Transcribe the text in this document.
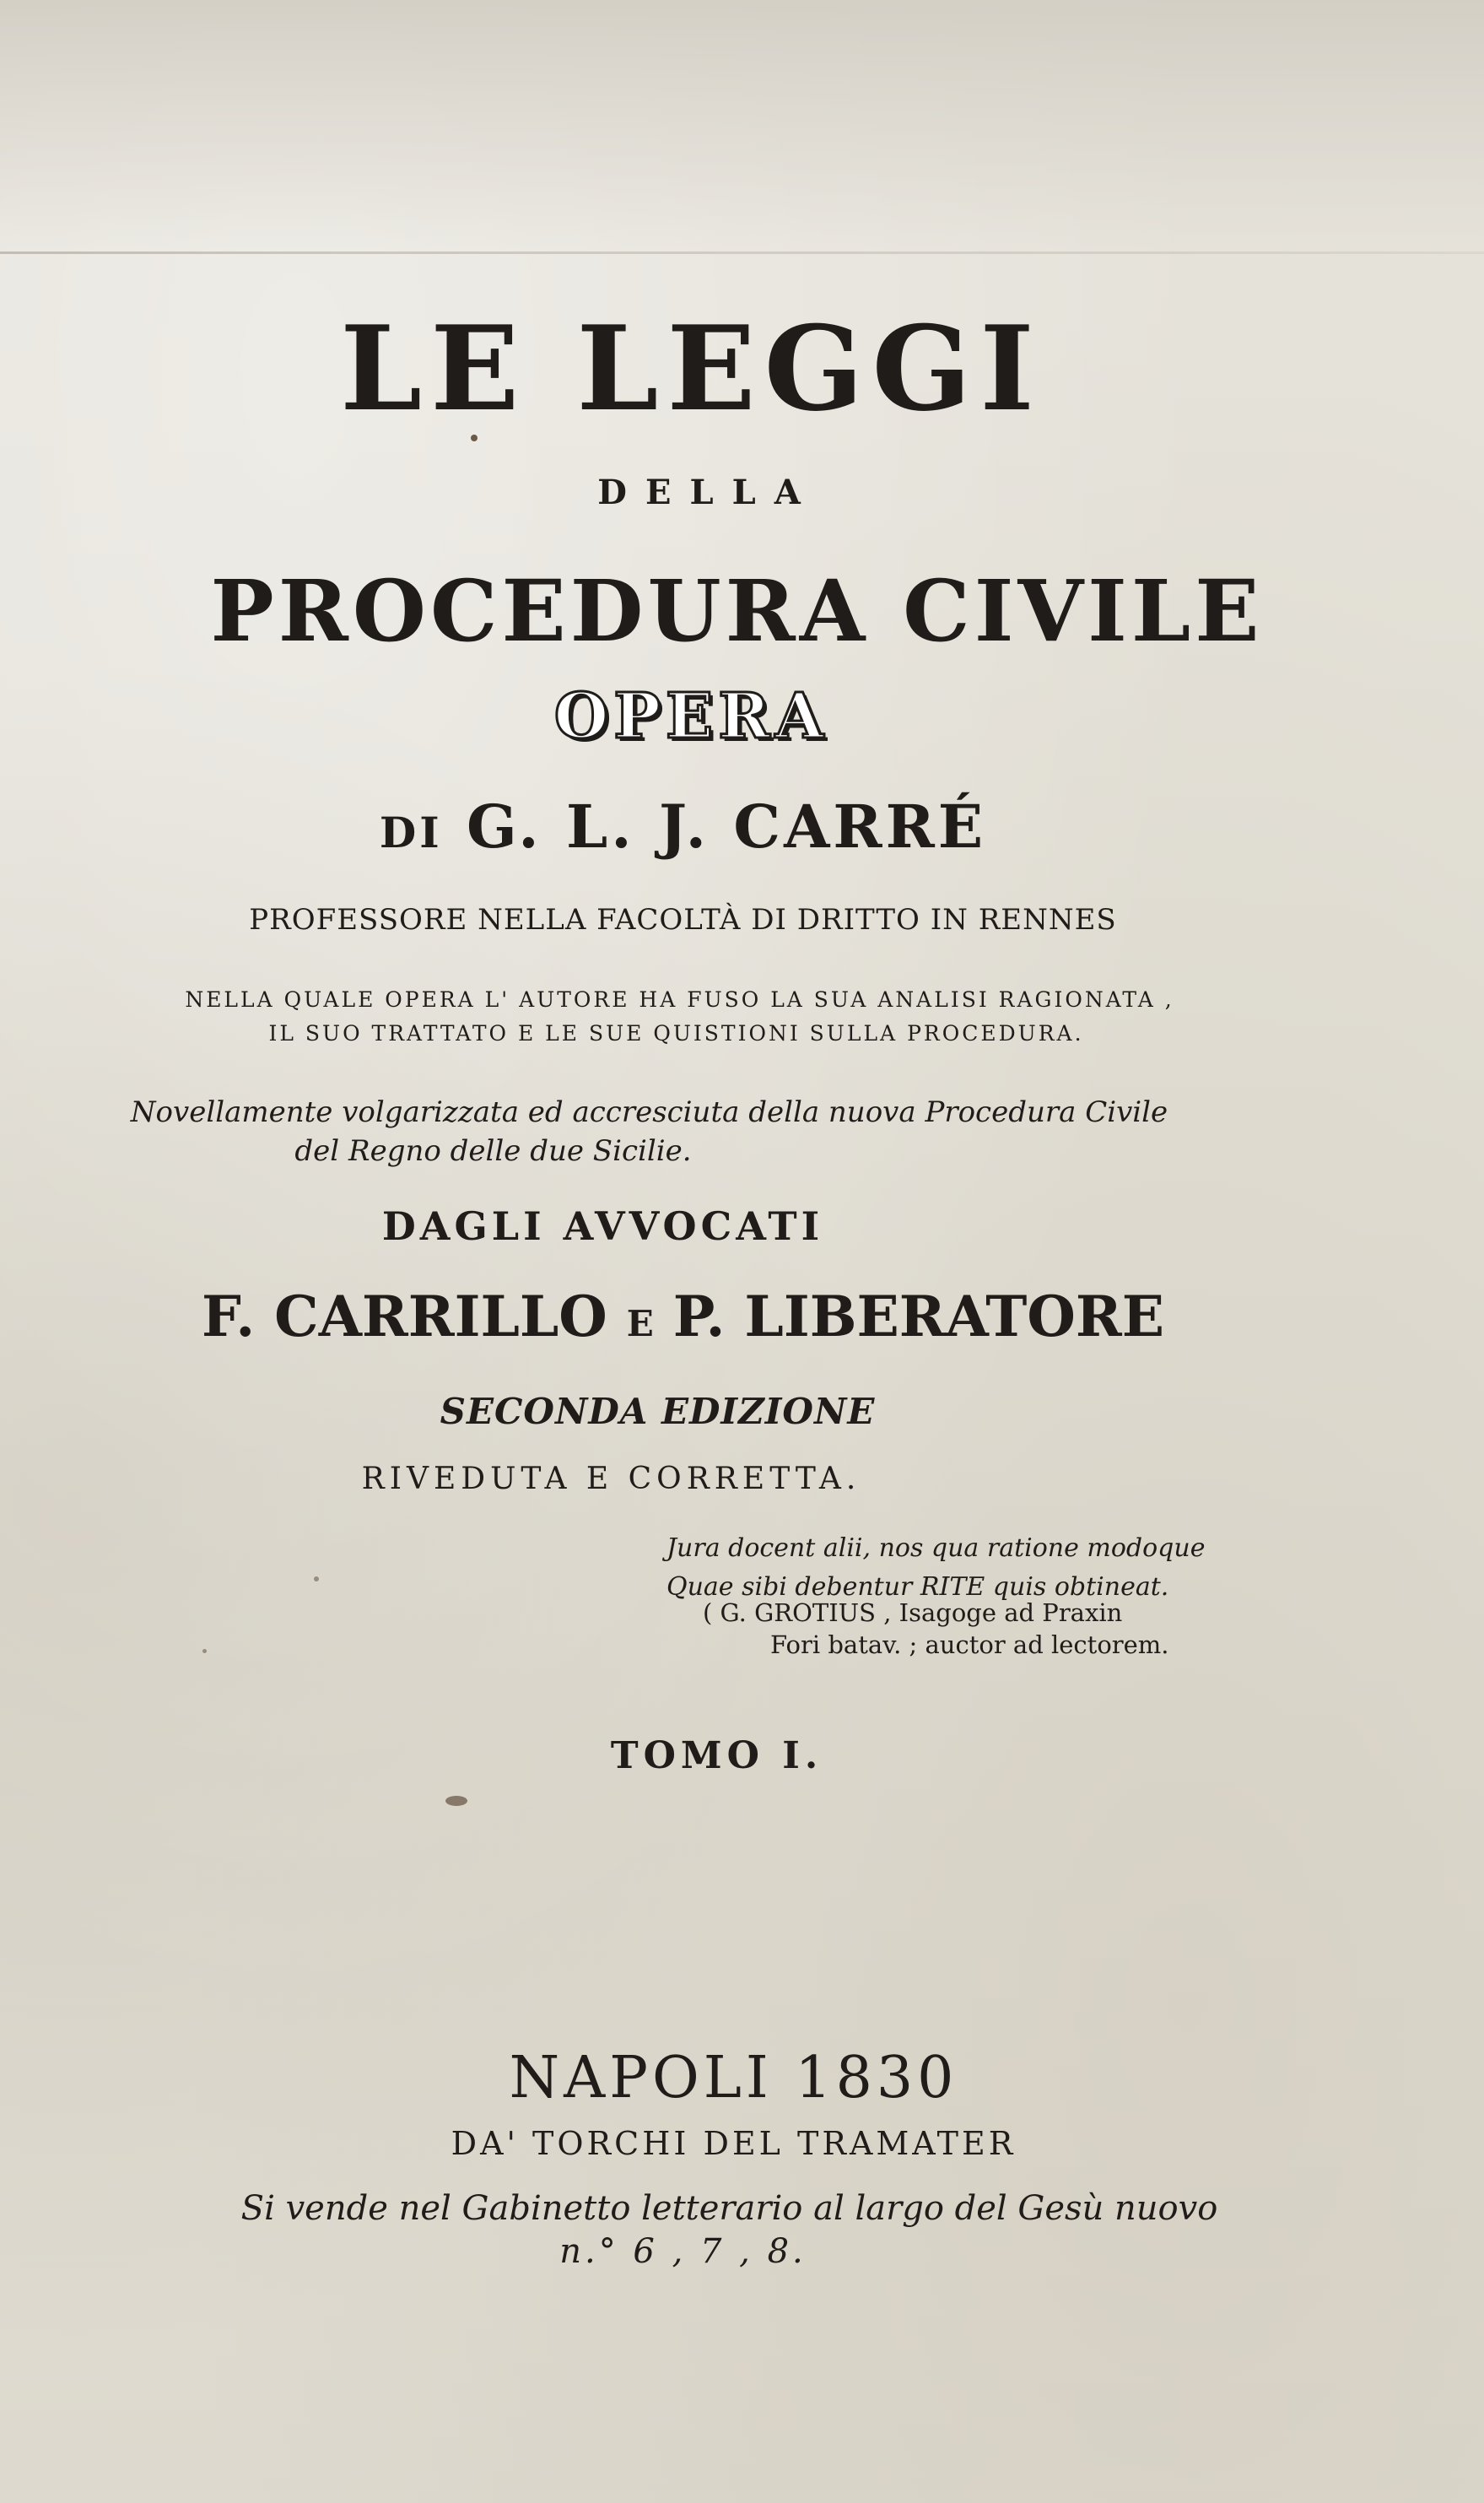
LE LEGGI
DELLA
PROCEDURA CIVILE
OPERA
DI G. L. J. CARRÉ
PROFESSORE NELLA FACOLTÀ DI DRITTO IN RENNES
NELLA QUALE OPERA L' AUTORE HA FUSO LA SUA ANALISI RAGIONATA ,
IL SUO TRATTATO E LE SUE QUISTIONI SULLA PROCEDURA.
Novellamente volgarizzata ed accresciuta della nuova Procedura Civile
del Regno delle due Sicilie.
DAGLI AVVOCATI
F. CARRILLO E P. LIBERATORE
SECONDA EDIZIONE
RIVEDUTA E CORRETTA.
Jura docent alii, nos qua ratione modoque
Quae sibi debentur RITE quis obtineat.
( G. GROTIUS , Isagoge ad Praxin
Fori batav. ; auctor ad lectorem.
TOMO I.
NAPOLI 1830
DA' TORCHI DEL TRAMATER
Si vende nel Gabinetto letterario al largo del Gesù nuovo
n.° 6 , 7 , 8.
